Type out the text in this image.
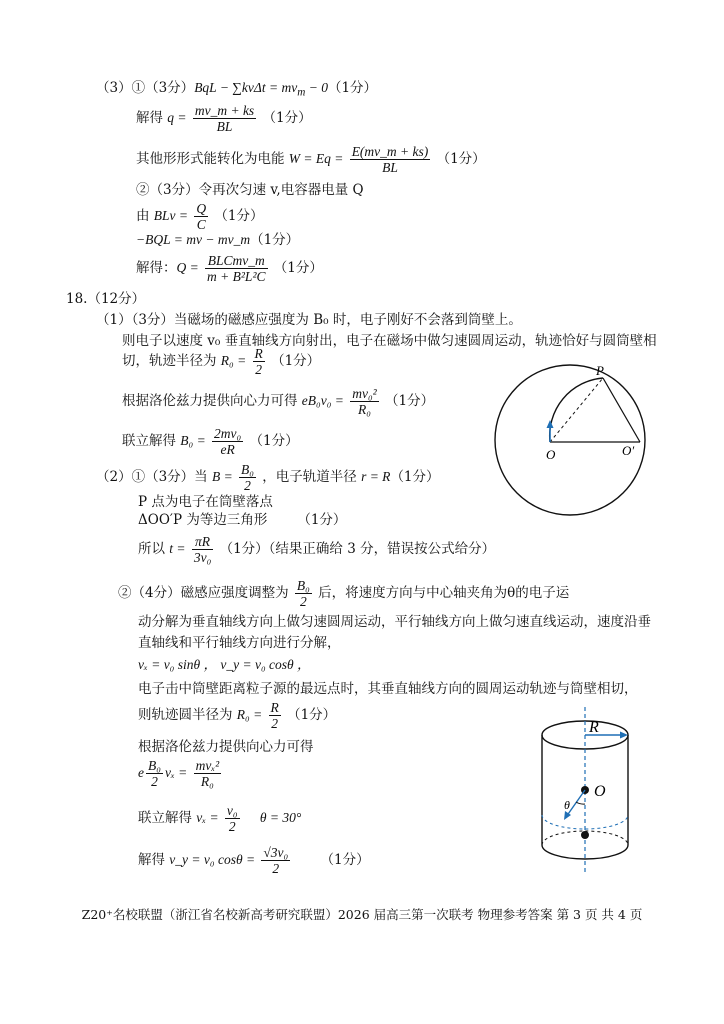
（3）①（3分）$BqL - \sum kv\Delta t = mv_m - 0(1$分）
解得 $q = \frac{mv\_m + ks}{BL} (1$分）
其他形形式能转化为电能 $W = Eq = \frac{E(mv\_m + ks)}{BL} (1$分）
②（3分）令再次匀速 v,电容器电量 Q
由 BLv = $\frac{Q}{C} (1$分）
−BQL = mv − mv_m（1分）
解得：$Q = \frac{\text{BLCmv\_m}}{\text{m + B²L²C}} (1$分）
18.（12分）
（1）（3分）当磁场的磁感应强度为 B₀ 时，电子刚好不会落到筒壁上。
则电子以速度 v₀ 垂直轴线方向射出，电子在磁场中做匀速圆周运动，轨迹恰好与圆筒壁相
切，轨迹半径为 $R_0 = \frac{R}{2} (1$分）
根据洛伦兹力提供向心力可得 $eB_0v_0 = \frac{\text{mv₀²}}{\text{R₀}} (1$分）
联立解得 $B_0 = \frac{\text{2mv₀}}{eR} (1$分）
P
O	O′
（2）①（3分）当 $B = \frac{\text{B₀}}{2}$ ，电子轨道半径 r = R（1分）
P 点为电子在筒壁落点
ΔOO′P 为等边三角形 （1分）
所以 $t = \frac{\pi R}{\text{3v₀}} (1$分）（结果正确给 3 分，错误按公式给分）
②（4分）磁感应强度调整为 $\frac{\text{B₀}}{2}$ 后，将速度方向与中心轴夹角为θ的电子运
动分解为垂直轴线方向上做匀速圆周运动，平行轴线方向上做匀速直线运动，速度沿垂
直轴线和平行轴线方向进行分解，
vₓ = v₀ sinθ ， v_y = v₀ cosθ ，
电子击中筒壁距离粒子源的最远点时，其垂直轴线方向的圆周运动轨迹与筒壁相切，
则轨迹圆半径为 $R_0 = \frac{R}{2} (1$分）
根据洛伦兹力提供向心力可得
e $\frac{\text{B₀}}{2}$ $v_x = \frac{\text{mvₓ²}}{\text{R₀}}$
联立解得 $v_x = \frac{\text{v₀}}{2}$ θ = 30°
解得 v_y = v₀ $\cos\theta = \frac{\text{√3v₀}}{2} (1$分）
R
O
θ
Z20⁺名校联盟（浙江省名校新高考研究联盟）2026 届高三第一次联考 物理参考答案 第 3 页 共 4 页
